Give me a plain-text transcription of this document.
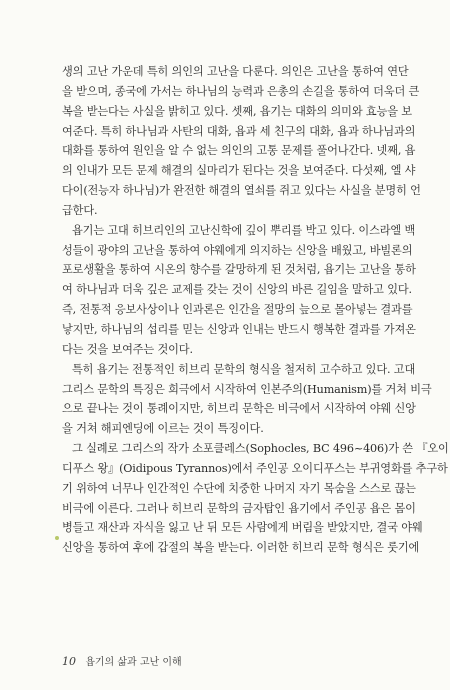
생의 고난 가운데 특히 의인의 고난을 다룬다. 의인은 고난을 통하여 연단
을 받으며, 종국에 가서는 하나님의 능력과 은총의 손길을 통하여 더욱더 큰
복을 받는다는 사실을 밝히고 있다. 셋째, 욥기는 대화의 의미와 효능을 보
여준다. 특히 하나님과 사탄의 대화, 욥과 세 친구의 대화, 욥과 하나님과의
대화를 통하여 원인을 알 수 없는 의인의 고통 문제를 풀어나간다. 넷째, 욥
의 인내가 모든 문제 해결의 실마리가 된다는 것을 보여준다. 다섯째, 엘 샤
다이(전능자 하나님)가 완전한 해결의 열쇠를 쥐고 있다는 사실을 분명히 언
급한다.
욥기는 고대 히브리인의 고난신학에 깊이 뿌리를 박고 있다. 이스라엘 백
성들이 광야의 고난을 통하여 야웨에게 의지하는 신앙을 배웠고, 바빌론의
포로생활을 통하여 시온의 향수를 갈망하게 된 것처럼, 욥기는 고난을 통하
여 하나님과 더욱 깊은 교제를 갖는 것이 신앙의 바른 길임을 말하고 있다.
즉, 전통적 응보사상이나 인과론은 인간을 절망의 늪으로 몰아넣는 결과를
낳지만, 하나님의 섭리를 믿는 신앙과 인내는 반드시 행복한 결과를 가져온
다는 것을 보여주는 것이다.
특히 욥기는 전통적인 히브리 문학의 형식을 철저히 고수하고 있다. 고대
그리스 문학의 특징은 희극에서 시작하여 인본주의(Humanism)를 거쳐 비극
으로 끝나는 것이 통례이지만, 히브리 문학은 비극에서 시작하여 야웨 신앙
을 거쳐 해피엔딩에 이르는 것이 특징이다.
그 실례로 그리스의 작가 소포클레스(Sophocles, BC 496~406)가 쓴 『오이
디푸스 왕』(Oidipous Tyrannos)에서 주인공 오이디푸스는 부귀영화를 추구하
기 위하여 너무나 인간적인 수단에 치중한 나머지 자기 목숨을 스스로 끊는
비극에 이른다. 그러나 히브리 문학의 금자탑인 욥기에서 주인공 욥은 몸이
병들고 재산과 자식을 잃고 난 뒤 모든 사람에게 버림을 받았지만, 결국 야웨
신앙을 통하여 후에 갑절의 복을 받는다. 이러한 히브리 문학 형식은 룻기에
10 욥기의 삶과 고난 이해
